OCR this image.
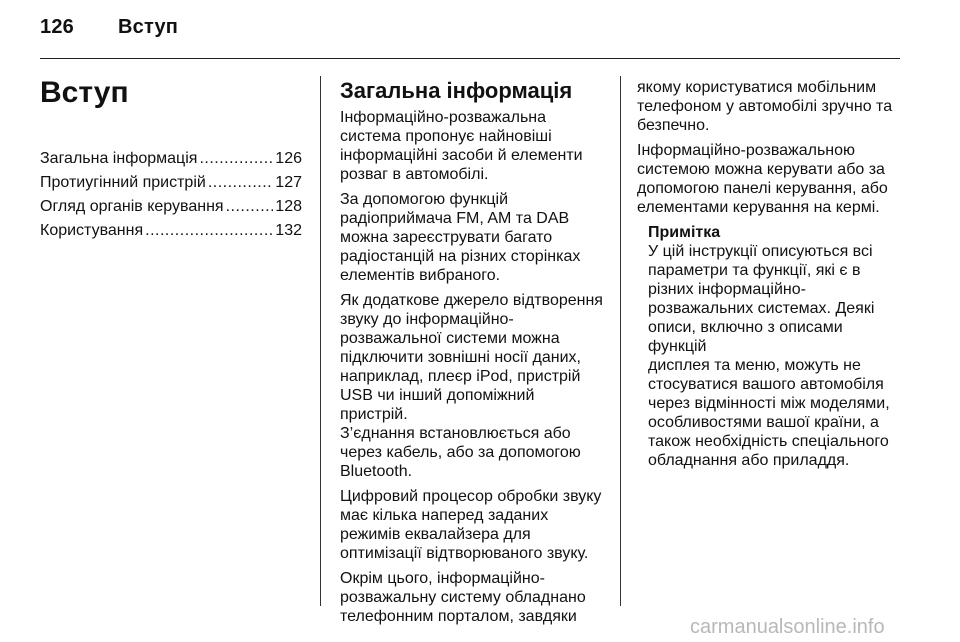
126 Вступ
Вступ
Загальна інформація .....	126
Протиугінний пристрій .....	127
Огляд органів керування .....	128
Користування .....	132
Загальна інформація

Інформаційно-розважальна
система пропонує найновіші
інформаційні засоби й елементи
розваг в автомобілі.

За допомогою функцій
радіоприймача FM, AM та DAB
можна зареєструвати багато
радіостанцій на різних сторінках
елементів вибраного.

Як додаткове джерело відтворення
звуку до інформаційно-
розважальної системи можна
підключити зовнішні носії даних,
наприклад, плеєр iPod, пристрій
USB чи інший допоміжний пристрій.
З’єднання встановлюється або
через кабель, або за допомогою
Bluetooth.

Цифровий процесор обробки звуку
має кілька наперед заданих
режимів еквалайзера для
оптимізації відтворюваного звуку.

Окрім цього, інформаційно-
розважальну систему обладнано
телефонним порталом, завдяки

якому користуватися мобільним
телефоном у автомобілі зручно та
безпечно.

Інформаційно-розважальною
системою можна керувати або за
допомогою панелі керування, або
елементами керування на кермі.

Примітка

У цій інструкції описуються всі
параметри та функції, які є в
різних інформаційно-
розважальних системах. Деякі
описи, включно з описами функцій
дисплея та меню, можуть не
стосуватися вашого автомобіля
через відмінності між моделями,
особливостями вашої країни, а
також необхідність спеціального
обладнання або приладдя.

carmanualsonline.info
